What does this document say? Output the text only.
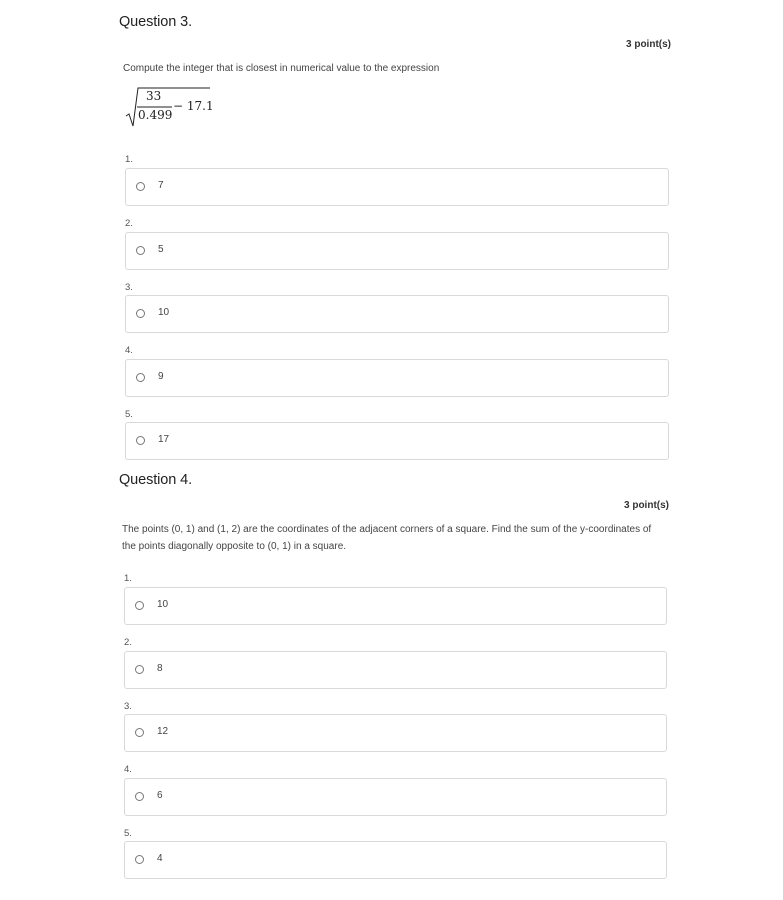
Question 3.
3 point(s)
Compute the integer that is closest in numerical value to the expression
33
0.499
− 17.1
1.
7
2.
5
3.
10
4.
9
5.
17
Question 4.
3 point(s)
The points (0, 1) and (1, 2) are the coordinates of the adjacent corners of a square. Find the sum of the y-coordinates of
the points diagonally opposite to (0, 1) in a square.
1.
10
2.
8
3.
12
4.
6
5.
4
